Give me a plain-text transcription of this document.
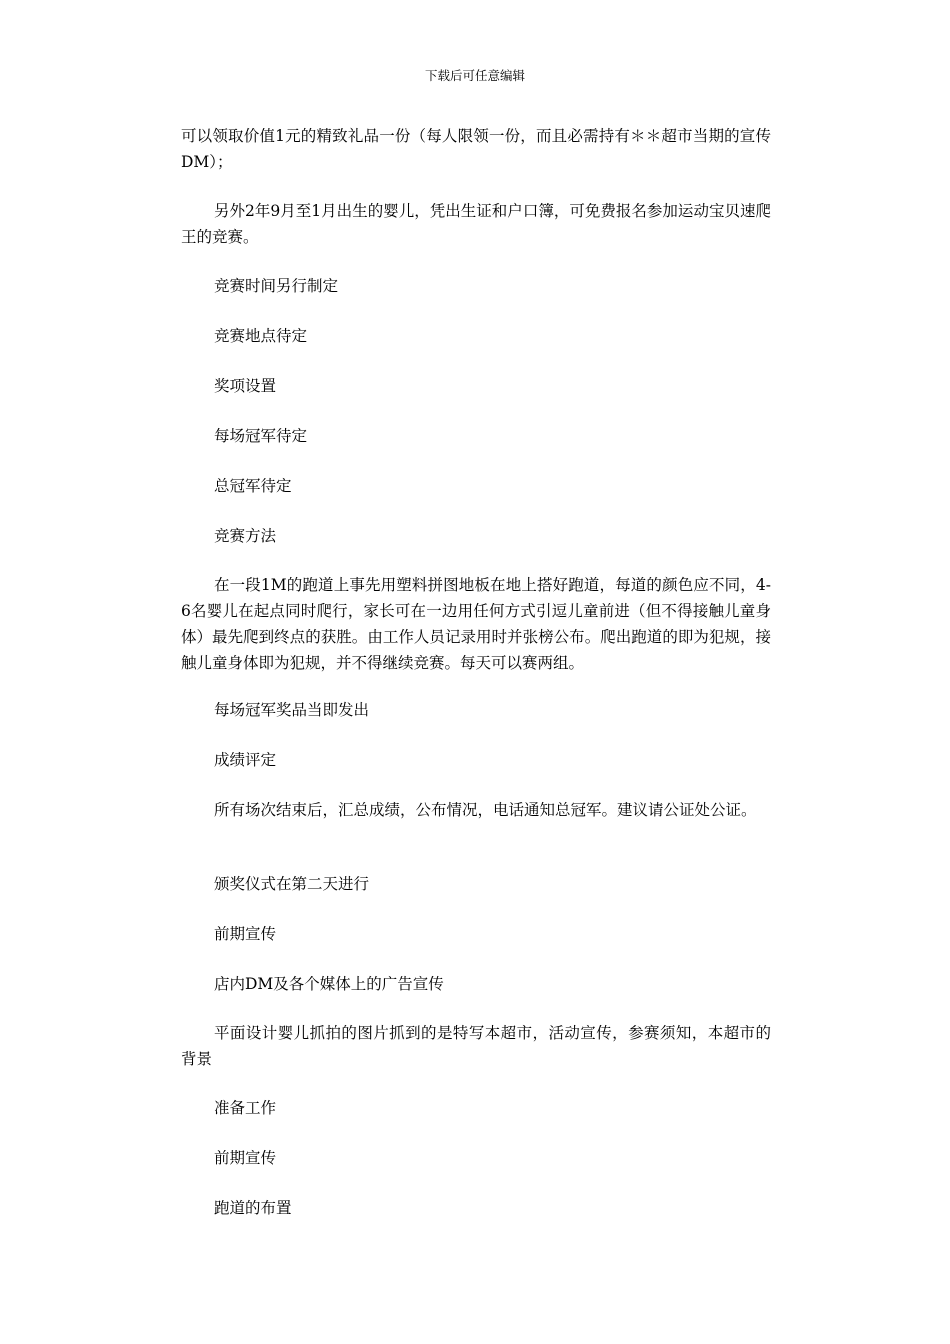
下载后可任意编辑

可以领取价值1元的精致礼品一份（每人限领一份，而且必需持有＊＊超市当期的宣传DM）；

另外2年9月至1月出生的婴儿，凭出生证和户口簿，可免费报名参加运动宝贝速爬王的竞赛。

竞赛时间另行制定

竞赛地点待定

奖项设置

每场冠军待定

总冠军待定

竞赛方法

在一段1M的跑道上事先用塑料拼图地板在地上搭好跑道，每道的颜色应不同，4-6名婴儿在起点同时爬行，家长可在一边用任何方式引逗儿童前进（但不得接触儿童身体）最先爬到终点的获胜。由工作人员记录用时并张榜公布。爬出跑道的即为犯规，接触儿童身体即为犯规，并不得继续竞赛。每天可以赛两组。

每场冠军奖品当即发出

成绩评定

所有场次结束后，汇总成绩，公布情况，电话通知总冠军。建议请公证处公证。

颁奖仪式在第二天进行

前期宣传

店内DM及各个媒体上的广告宣传

平面设计婴儿抓拍的图片抓到的是特写本超市，活动宣传，参赛须知，本超市的背景

准备工作

前期宣传

跑道的布置
